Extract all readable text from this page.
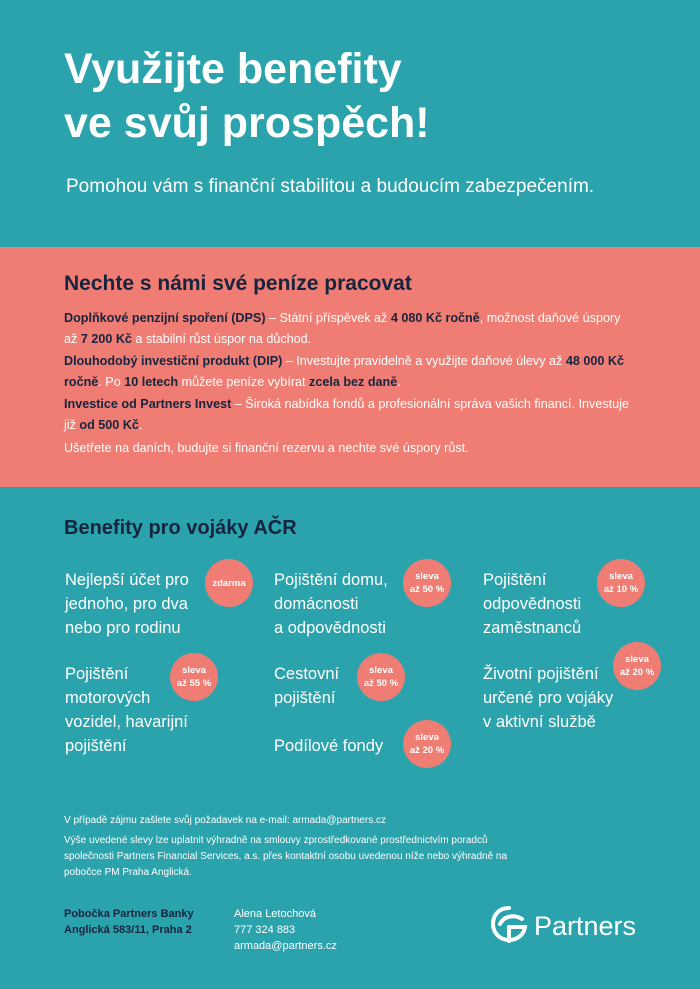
Využijte benefity
ve svůj prospěch!

Pomohou vám s finanční stabilitou a budoucím zabezpečením.

Nechte s námi své peníze pracovat

Doplňkové penzijní spoření (DPS) – Státní příspěvek až 4 080 Kč ročně, možnost daňové úspory až 7 200 Kč a stabilní růst úspor na důchod.

Dlouhodobý investiční produkt (DIP) – Investujte pravidelně a využijte daňové úlevy až 48 000 Kč ročně. Po 10 letech můžete peníze vybírat zcela bez daně.

Investice od Partners Invest – Široká nabídka fondů a profesionální správa vašich financí. Investuje již od 500 Kč.

Ušetřete na daních, budujte si finanční rezervu a nechte své úspory růst.

Benefity pro vojáky AČR
Nejlepší účet pro
jednoho, pro dva
nebo pro rodinu
zdarma Pojištění domu,
domácnosti
a odpovědnosti
sleva
až 50 %
Pojištění
odpovědnosti
zaměstnanců
sleva
až 10 %
Pojištění
motorových
vozidel, havarijní
pojištění
sleva
až 55 %
Cestovní
pojištění
sleva
až 50 %
Životní pojištění
určené pro vojáky
v aktivní službě
sleva
až 20 %
Podílové fondy	sleva
až 20 %

V případě zájmu zašlete svůj požadavek na e-mail: armada@partners.cz

Výše uvedené slevy lze uplatnit výhradně na smlouvy zprostředkované prostřednictvím poradců společnosti Partners Financial Services, a.s. přes kontaktní osobu uvedenou níže nebo výhradně na pobočce PM Praha Anglická.

Pobočka Partners Banky
Anglická 583/11, Praha 2
Alena Letochová
777 324 883
armada@partners.cz
Partners
